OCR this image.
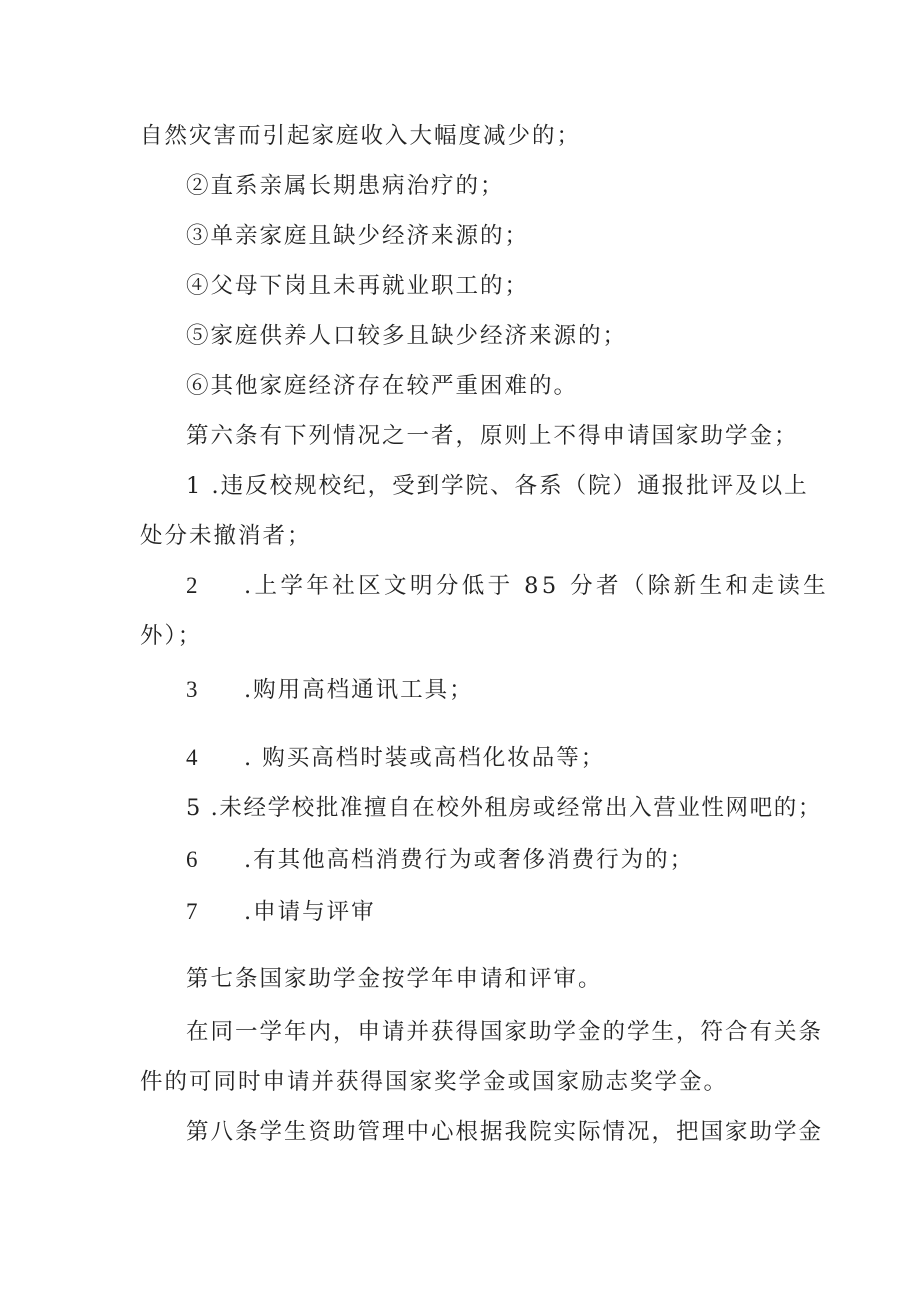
自然灾害而引起家庭收入大幅度减少的；
②直系亲属长期患病治疗的；
③单亲家庭且缺少经济来源的；
④父母下岗且未再就业职工的；
⑤家庭供养人口较多且缺少经济来源的；
⑥其他家庭经济存在较严重困难的。
第六条有下列情况之一者，原则上不得申请国家助学金；
1 .违反校规校纪，受到学院、各系（院）通报批评及以上
处分未撤消者；
2 .上学年社区文明分低于 85 分者（除新生和走读生
外）；
3 .购用高档通讯工具；
4 . 购买高档时装或高档化妆品等；
5 .未经学校批准擅自在校外租房或经常出入营业性网吧的；
6 .有其他高档消费行为或奢侈消费行为的；
7 .申请与评审
第七条国家助学金按学年申请和评审。
在同一学年内，申请并获得国家助学金的学生，符合有关条
件的可同时申请并获得国家奖学金或国家励志奖学金。
第八条学生资助管理中心根据我院实际情况，把国家助学金
